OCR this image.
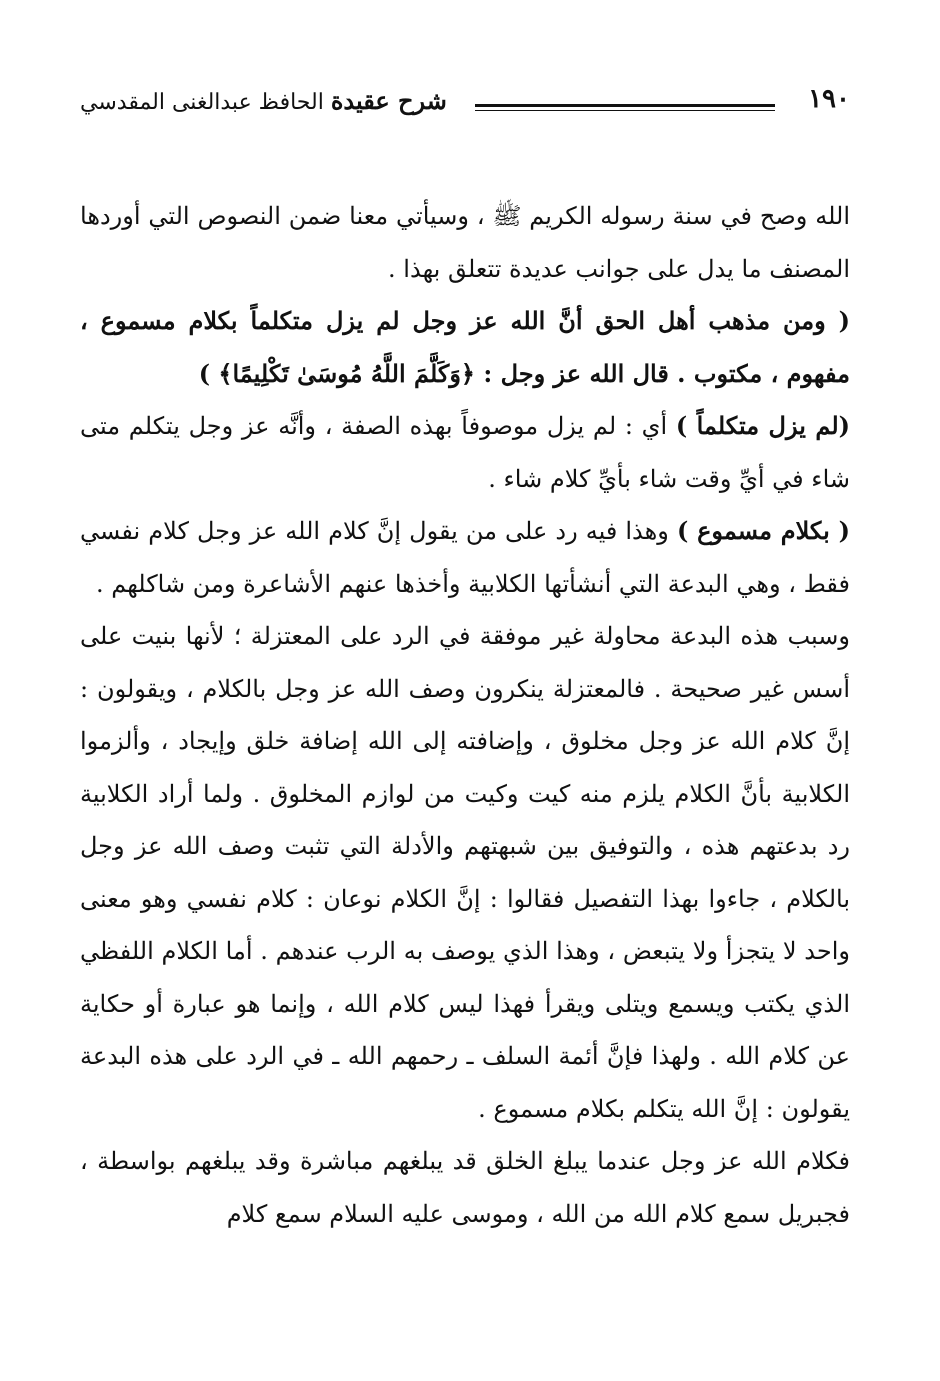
١٩٠
شرح عقيدة الحافظ عبدالغنى المقدسي

الله وصح في سنة رسوله الكريم ﷺ ، وسيأتي معنا ضمن النصوص التي أوردها المصنف ما يدل على جوانب عديدة تتعلق بهذا .

( ومن مذهب أهل الحق أنَّ الله عز وجل لم يزل متكلماً بكلام مسموع ، مفهوم ، مكتوب . قال الله عز وجل : ﴿وَكَلَّمَ اللَّهُ مُوسَىٰ تَكْلِيمًا﴾ )

(لم يزل متكلماً ) أي : لم يزل موصوفاً بهذه الصفة ، وأنَّه عز وجل يتكلم متى شاء في أيِّ وقت شاء بأيِّ كلام شاء .

( بكلام مسموع ) وهذا فيه رد على من يقول إنَّ كلام الله عز وجل كلام نفسي فقط ، وهي البدعة التي أنشأتها الكلابية وأخذها عنهم الأشاعرة ومن شاكلهم .

وسبب هذه البدعة محاولة غير موفقة في الرد على المعتزلة ؛ لأنها بنيت على أسس غير صحيحة . فالمعتزلة ينكرون وصف الله عز وجل بالكلام ، ويقولون : إنَّ كلام الله عز وجل مخلوق ، وإضافته إلى الله إضافة خلق وإيجاد ، وألزموا الكلابية بأنَّ الكلام يلزم منه كيت وكيت من لوازم المخلوق . ولما أراد الكلابية رد بدعتهم هذه ، والتوفيق بين شبهتهم والأدلة التي تثبت وصف الله عز وجل بالكلام ، جاءوا بهذا التفصيل فقالوا : إنَّ الكلام نوعان : كلام نفسي وهو معنى واحد لا يتجزأ ولا يتبعض ، وهذا الذي يوصف به الرب عندهم . أما الكلام اللفظي الذي يكتب ويسمع ويتلى ويقرأ فهذا ليس كلام الله ، وإنما هو عبارة أو حكاية عن كلام الله . ولهذا فإنَّ أئمة السلف ـ رحمهم الله ـ في الرد على هذه البدعة يقولون : إنَّ الله يتكلم بكلام مسموع .

فكلام الله عز وجل عندما يبلغ الخلق قد يبلغهم مباشرة وقد يبلغهم بواسطة ، فجبريل سمع كلام الله من الله ، وموسى عليه السلام سمع كلام
